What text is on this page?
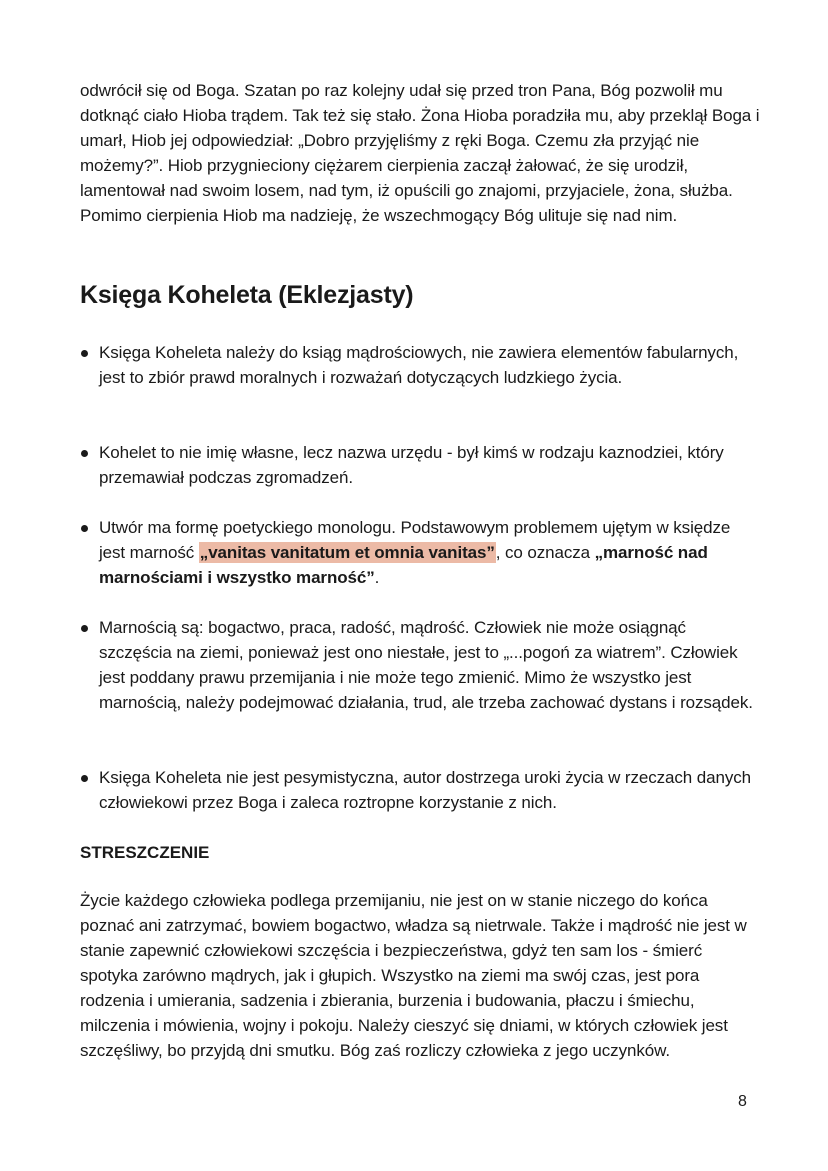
odwrócił się od Boga. Szatan po raz kolejny udał się przed tron Pana, Bóg pozwolił mu dotknąć ciało Hioba trądem. Tak też się stało. Żona Hioba poradziła mu, aby przeklął Boga i umarł, Hiob jej odpowiedział: „Dobro przyjęliśmy z ręki Boga. Czemu zła przyjąć nie możemy?”. Hiob przygnieciony ciężarem cierpienia zaczął żałować, że się urodził, lamentował nad swoim losem, nad tym, iż opuścili go znajomi, przyjaciele, żona, służba. Pomimo cierpienia Hiob ma nadzieję, że wszechmogący Bóg ulituje się nad nim.

Księga Koheleta (Eklezjasty)
Księga Koheleta należy do ksiąg mądrościowych, nie zawiera elementów fabularnych, jest to zbiór prawd moralnych i rozważań dotyczących ludzkiego życia.
Kohelet to nie imię własne, lecz nazwa urzędu - był kimś w rodzaju kaznodziei, który przemawiał podczas zgromadzeń.
Utwór ma formę poetyckiego monologu. Podstawowym problemem ujętym w księdze jest marność „vanitas vanitatum et omnia vanitas”, co oznacza „marność nad marnościami i wszystko marność”.
Marnością są: bogactwo, praca, radość, mądrość. Człowiek nie może osiągnąć szczęścia na ziemi, ponieważ jest ono niestałe, jest to „...pogoń za wiatrem”. Człowiek jest poddany prawu przemijania i nie może tego zmienić. Mimo że wszystko jest marnością, należy podejmować działania, trud, ale trzeba zachować dystans i rozsądek.
Księga Koheleta nie jest pesymistyczna, autor dostrzega uroki życia w rzeczach danych człowiekowi przez Boga i zaleca roztropne korzystanie z nich.

STRESZCZENIE

Życie każdego człowieka podlega przemijaniu, nie jest on w stanie niczego do końca poznać ani zatrzymać, bowiem bogactwo, władza są nietrwale. Także i mądrość nie jest w stanie zapewnić człowiekowi szczęścia i bezpieczeństwa, gdyż ten sam los - śmierć spotyka zarówno mądrych, jak i głupich. Wszystko na ziemi ma swój czas, jest pora rodzenia i umierania, sadzenia i zbierania, burzenia i budowania, płaczu i śmiechu, milczenia i mówienia, wojny i pokoju. Należy cieszyć się dniami, w których człowiek jest szczęśliwy, bo przyjdą dni smutku. Bóg zaś rozliczy człowieka z jego uczynków.

8
